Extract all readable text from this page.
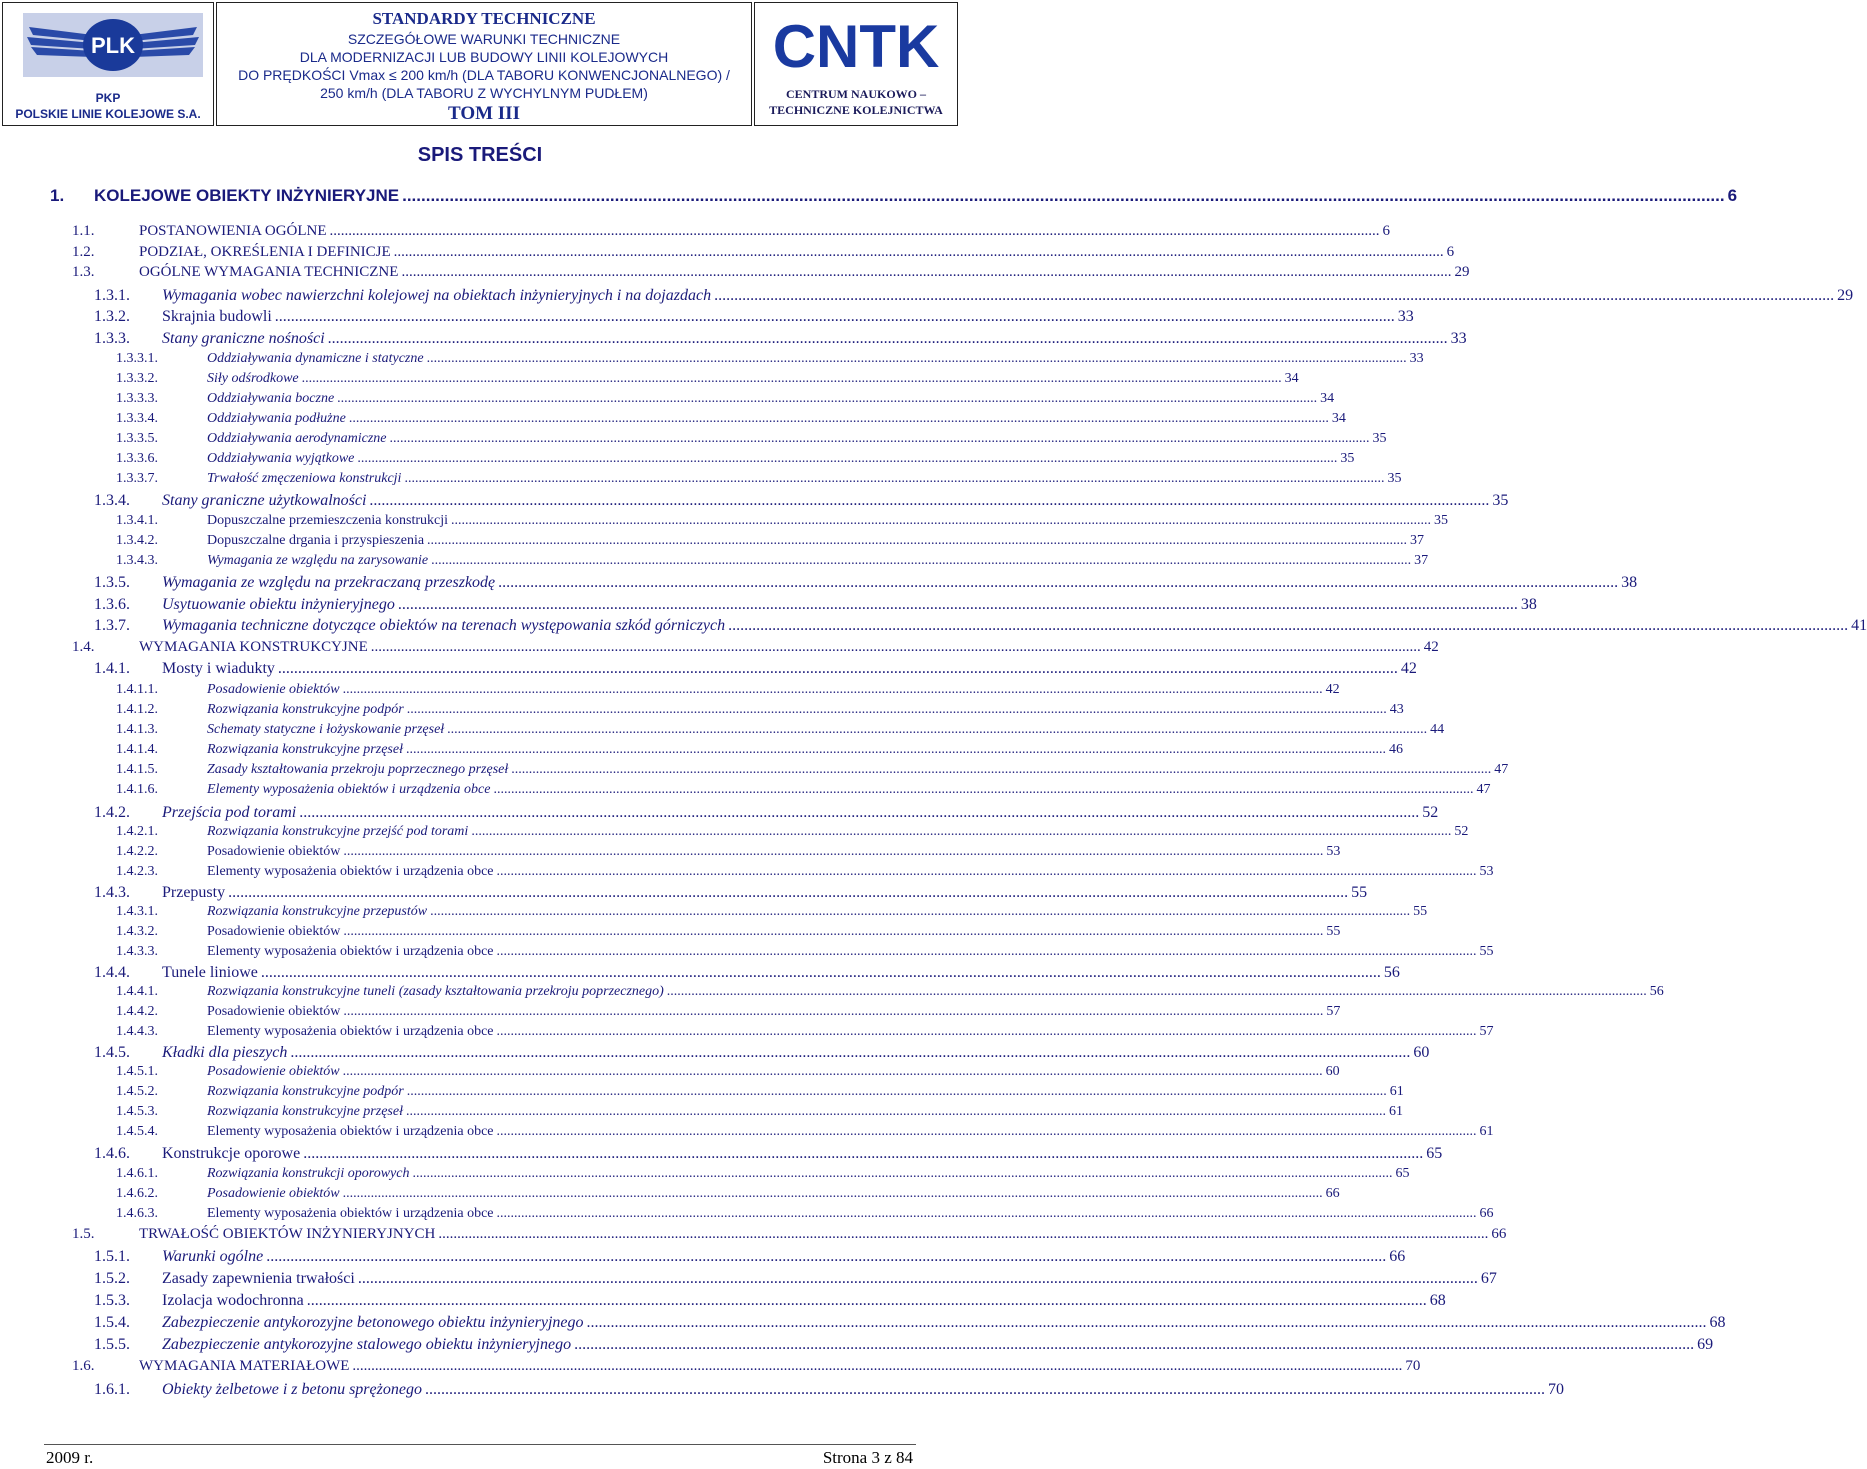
PLK
PKP
POLSKIE LINIE KOLEJOWE S.A.
STANDARDY TECHNICZNE
SZCZEGÓŁOWE WARUNKI TECHNICZNE
DLA MODERNIZACJI LUB BUDOWY LINII KOLEJOWYCH
DO PRĘDKOŚCI Vmax ≤ 200 km/h (DLA TABORU KONWENCJONALNEGO) /
250 km/h (DLA TABORU Z WYCHYLNYM PUDŁEM)
TOM III
CNTK
CENTRUM NAUKOWO –
TECHNICZNE KOLEJNICTWA
SPIS TREŚCI
1. KOLEJOWE OBIEKTY INŻYNIERYJNE .....	6
1.1.	POSTANOWIENIA OGÓLNE .....	6
1.2.	PODZIAŁ, OKREŚLENIA I DEFINICJE .....	6
1.3.	OGÓLNE WYMAGANIA TECHNICZNE .....	29
1.3.1. Wymagania wobec nawierzchni kolejowej na obiektach inżynieryjnych i na dojazdach .....	29
1.3.2. Skrajnia budowli .....	33
1.3.3. Stany graniczne nośności .....	33
1.3.3.1.	Oddziaływania dynamiczne i statyczne .....	33
1.3.3.2.	Siły odśrodkowe .....	34
1.3.3.3.	Oddziaływania boczne .....	34
1.3.3.4.	Oddziaływania podłużne .....	34
1.3.3.5.	Oddziaływania aerodynamiczne .....	35
1.3.3.6.	Oddziaływania wyjątkowe .....	35
1.3.3.7.	Trwałość zmęczeniowa konstrukcji .....	35
1.3.4. Stany graniczne użytkowalności .....	35
1.3.4.1.	Dopuszczalne przemieszczenia konstrukcji .....	35
1.3.4.2.	Dopuszczalne drgania i przyspieszenia .....	37
1.3.4.3.	Wymagania ze względu na zarysowanie .....	37
1.3.5. Wymagania ze względu na przekraczaną przeszkodę .....	38
1.3.6. Usytuowanie obiektu inżynieryjnego .....	38
1.3.7. Wymagania techniczne dotyczące obiektów na terenach występowania szkód górniczych .....	41
1.4.	WYMAGANIA KONSTRUKCYJNE .....	42
1.4.1. Mosty i wiadukty .....	42
1.4.1.1.	Posadowienie obiektów .....	42
1.4.1.2.	Rozwiązania konstrukcyjne podpór .....	43
1.4.1.3.	Schematy statyczne i łożyskowanie przęseł .....	44
1.4.1.4.	Rozwiązania konstrukcyjne przęseł .....	46
1.4.1.5.	Zasady kształtowania przekroju poprzecznego przęseł .....	47
1.4.1.6.	Elementy wyposażenia obiektów i urządzenia obce .....	47
1.4.2. Przejścia pod torami .....	52
1.4.2.1.	Rozwiązania konstrukcyjne przejść pod torami .....	52
1.4.2.2.	Posadowienie obiektów .....	53
1.4.2.3.	Elementy wyposażenia obiektów i urządzenia obce .....	53
1.4.3. Przepusty .....	55
1.4.3.1.	Rozwiązania konstrukcyjne przepustów .....	55
1.4.3.2.	Posadowienie obiektów .....	55
1.4.3.3.	Elementy wyposażenia obiektów i urządzenia obce .....	55
1.4.4. Tunele liniowe .....	56
1.4.4.1.	Rozwiązania konstrukcyjne tuneli (zasady kształtowania przekroju poprzecznego) .....	56
1.4.4.2.	Posadowienie obiektów .....	57
1.4.4.3.	Elementy wyposażenia obiektów i urządzenia obce .....	57
1.4.5. Kładki dla pieszych .....	60
1.4.5.1.	Posadowienie obiektów .....	60
1.4.5.2.	Rozwiązania konstrukcyjne podpór .....	61
1.4.5.3.	Rozwiązania konstrukcyjne przęseł .....	61
1.4.5.4.	Elementy wyposażenia obiektów i urządzenia obce .....	61
1.4.6. Konstrukcje oporowe .....	65
1.4.6.1.	Rozwiązania konstrukcji oporowych .....	65
1.4.6.2.	Posadowienie obiektów .....	66
1.4.6.3.	Elementy wyposażenia obiektów i urządzenia obce .....	66
1.5.	TRWAŁOŚĆ OBIEKTÓW INŻYNIERYJNYCH .....	66
1.5.1. Warunki ogólne .....	66
1.5.2. Zasady zapewnienia trwałości .....	67
1.5.3. Izolacja wodochronna .....	68
1.5.4. Zabezpieczenie antykorozyjne betonowego obiektu inżynieryjnego .....	68
1.5.5. Zabezpieczenie antykorozyjne stalowego obiektu inżynieryjnego .....	69
1.6.	WYMAGANIA MATERIAŁOWE .....	70
1.6.1. Obiekty żelbetowe i z betonu sprężonego .....	70
2009 r.	Strona 3 z 84
